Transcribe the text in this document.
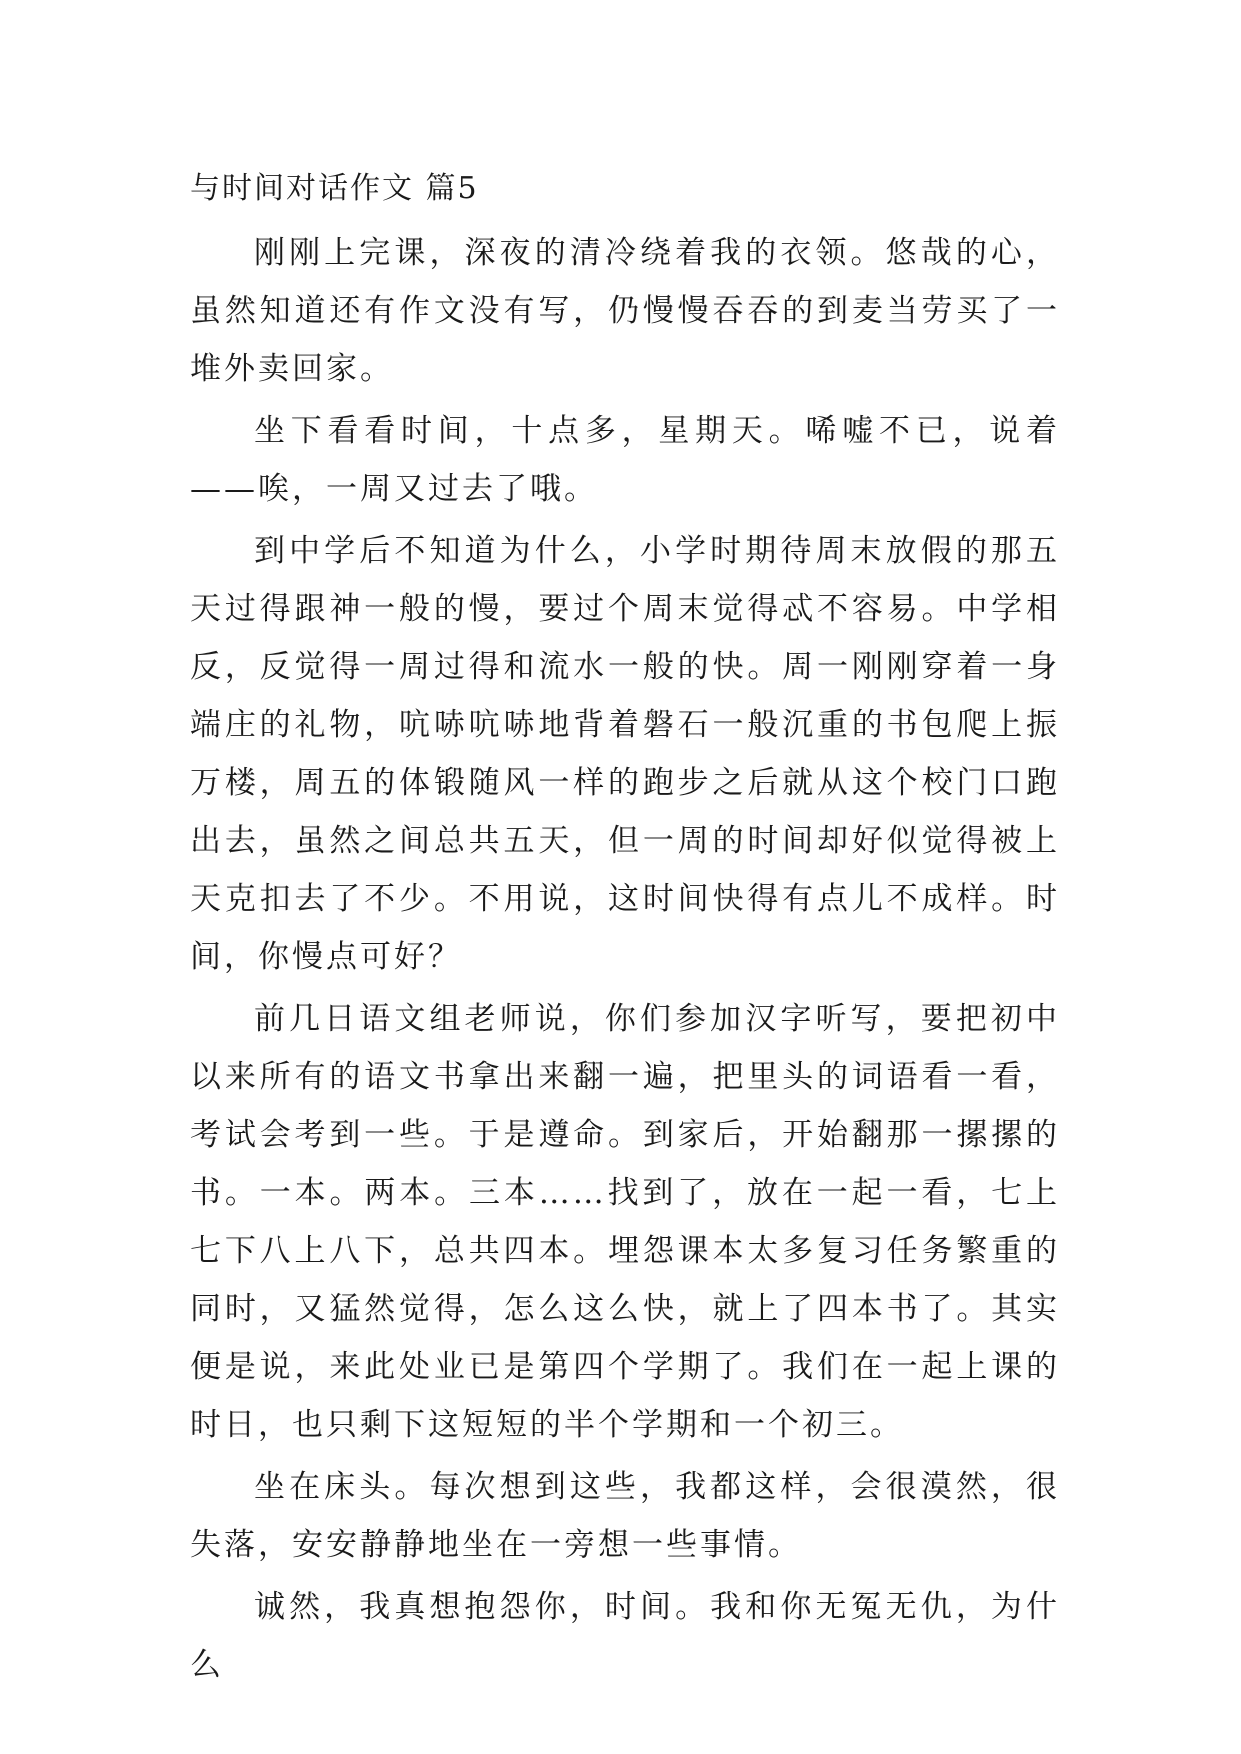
与时间对话作文 篇5

刚刚上完课，深夜的清冷绕着我的衣领。悠哉的心，虽然知道还有作文没有写，仍慢慢吞吞的到麦当劳买了一堆外卖回家。

坐下看看时间，十点多，星期天。唏嘘不已，说着——唉，一周又过去了哦。

到中学后不知道为什么，小学时期待周末放假的那五天过得跟神一般的慢，要过个周末觉得忒不容易。中学相反，反觉得一周过得和流水一般的快。周一刚刚穿着一身端庄的礼物，吭哧吭哧地背着磐石一般沉重的书包爬上振万楼，周五的体锻随风一样的跑步之后就从这个校门口跑出去，虽然之间总共五天，但一周的时间却好似觉得被上天克扣去了不少。不用说，这时间快得有点儿不成样。时间，你慢点可好？

前几日语文组老师说，你们参加汉字听写，要把初中以来所有的语文书拿出来翻一遍，把里头的词语看一看，考试会考到一些。于是遵命。到家后，开始翻那一摞摞的书。一本。两本。三本……找到了，放在一起一看，七上七下八上八下，总共四本。埋怨课本太多复习任务繁重的同时，又猛然觉得，怎么这么快，就上了四本书了。其实便是说，来此处业已是第四个学期了。我们在一起上课的时日，也只剩下这短短的半个学期和一个初三。

坐在床头。每次想到这些，我都这样，会很漠然，很失落，安安静静地坐在一旁想一些事情。

诚然，我真想抱怨你，时间。我和你无冤无仇，为什么
